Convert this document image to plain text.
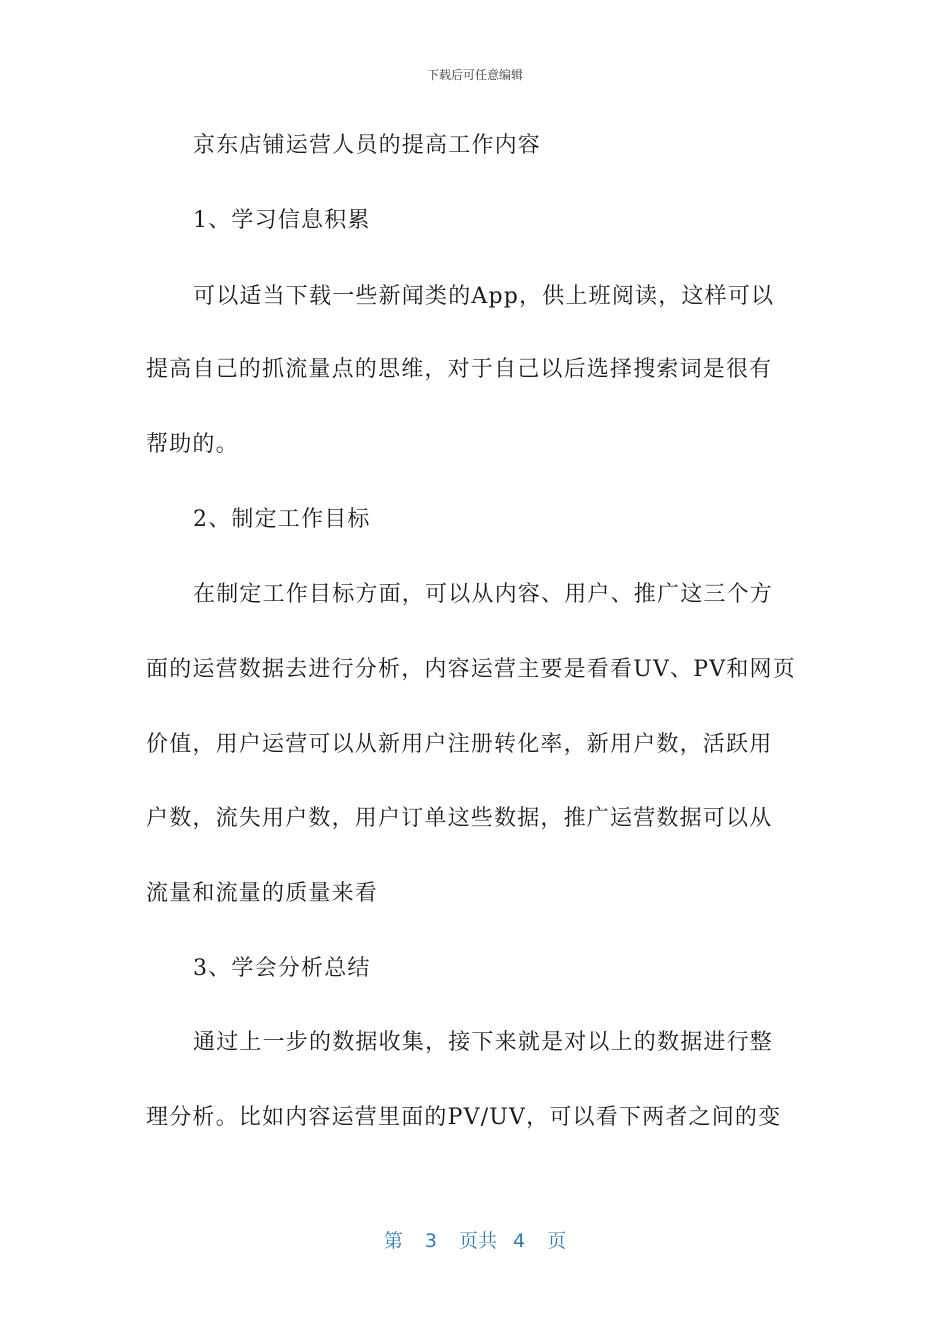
下载后可任意编辑
京东店铺运营人员的提高工作内容
1、学习信息积累
可以适当下载一些新闻类的App，供上班阅读，这样可以
提高自己的抓流量点的思维，对于自己以后选择搜索词是很有
帮助的。
2、制定工作目标
在制定工作目标方面，可以从内容、用户、推广这三个方
面的运营数据去进行分析，内容运营主要是看看UV、PV和网页
价值，用户运营可以从新用户注册转化率，新用户数，活跃用
户数，流失用户数，用户订单这些数据，推广运营数据可以从
流量和流量的质量来看
3、学会分析总结
通过上一步的数据收集，接下来就是对以上的数据进行整
理分析。比如内容运营里面的PV/UV，可以看下两者之间的变
第 3 页共 4 页
